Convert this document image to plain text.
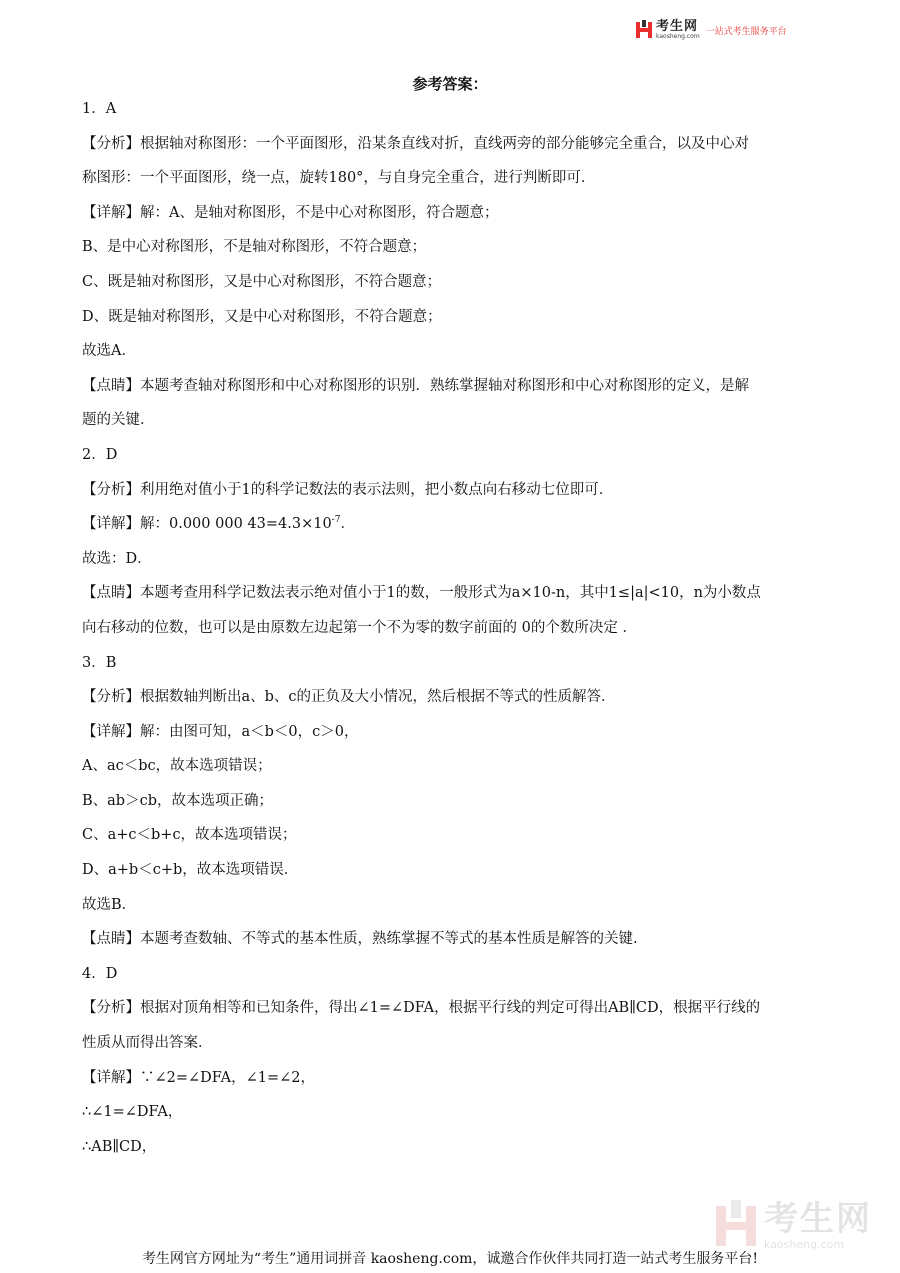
考生网
kaosheng.com 一站式考生服务平台
参考答案：
1．A
【分析】根据轴对称图形：一个平面图形，沿某条直线对折，直线两旁的部分能够完全重合，以及中心对
称图形：一个平面图形，绕一点，旋转180°，与自身完全重合，进行判断即可．
【详解】解：A、是轴对称图形，不是中心对称图形，符合题意；
B、是中心对称图形，不是轴对称图形，不符合题意；
C、既是轴对称图形，又是中心对称图形，不符合题意；
D、既是轴对称图形，又是中心对称图形，不符合题意；
故选A．
【点睛】本题考查轴对称图形和中心对称图形的识别．熟练掌握轴对称图形和中心对称图形的定义，是解
题的关键．
2．D
【分析】利用绝对值小于1的科学记数法的表示法则，把小数点向右移动七位即可．
【详解】解：0.000 000 $43=4.3\times 10^{-7}$．
故选：D．
【点睛】本题考查用科学记数法表示绝对值小于1的数，一般形式为a×10-n，其中1≤|a|<10，n为小数点
向右移动的位数，也可以是由原数左边起第一个不为零的数字前面的 0的个数所决定 ．
3．B
【分析】根据数轴判断出a、b、c的正负及大小情况，然后根据不等式的性质解答．
【详解】解：由图可知，a＜b＜0，c＞0，
A、ac＜bc，故本选项错误；
B、ab＞cb，故本选项正确；
C、a+c＜b+c，故本选项错误；
D、a+b＜c+b，故本选项错误．
故选B．
【点睛】本题考查数轴、不等式的基本性质，熟练掌握不等式的基本性质是解答的关键.
4．D
【分析】根据对顶角相等和已知条件，得出∠1=∠DFA，根据平行线的判定可得出AB∥CD，根据平行线的
性质从而得出答案．
【详解】∵∠2=∠DFA，∠1=∠2，
∴∠1=∠DFA，
∴AB∥CD，
考生网
kaosheng.com
考生网官方网址为“考生”通用词拼音 kaosheng.com，诚邀合作伙伴共同打造一站式考生服务平台!
